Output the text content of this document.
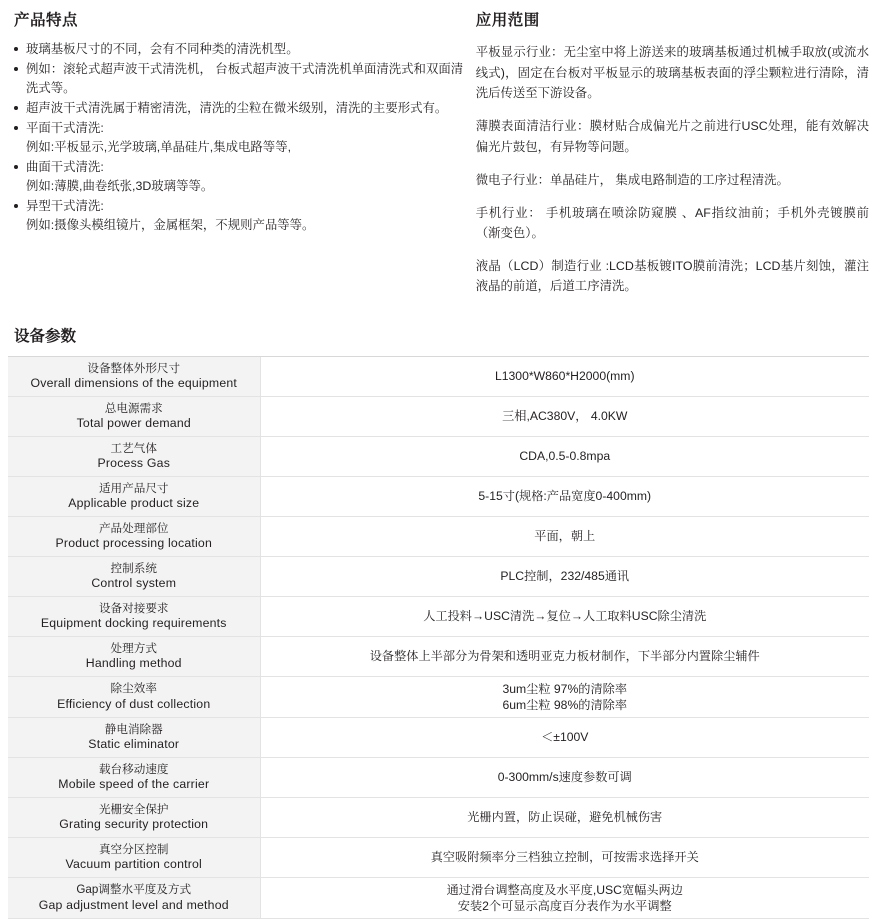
产品特点
玻璃基板尺寸的不同，会有不同种类的清洗机型。
例如：滚轮式超声波干式清洗机， 台板式超声波干式清洗机单面清洗式和双面清洗式等。
超声波干式清洗属于精密清洗，清洗的尘粒在微米级别，清洗的主要形式有。
平面干式清洗:
例如:平板显示,光学玻璃,单晶硅片,集成电路等等,
曲面干式清洗:
例如:薄膜,曲卷纸张,3D玻璃等等。
异型干式清洗:
例如:摄像头模组镜片，金属框架，不规则产品等等。
应用范围

平板显示行业：无尘室中将上游送来的玻璃基板通过机械手取放(或流水线式)，固定在台板对平板显示的玻璃基板表面的浮尘颗粒进行清除，清洗后传送至下游设备。

薄膜表面清洁行业：膜材贴合成偏光片之前进行USC处理，能有效解决偏光片鼓包，有异物等问题。

微电子行业：单晶硅片， 集成电路制造的工序过程清洗。

手机行业： 手机玻璃在喷涂防窥膜 、AF指纹油前；手机外壳镀膜前（渐变色）。

液晶（LCD）制造行业 :LCD基板镀ITO膜前清洗；LCD基片刻蚀，灌注液晶的前道，后道工序清洗。

设备参数
设备整体外形尺寸
Overall dimensions of the equipment	L1300*W860*H2000(mm)

总电源需求
Total power demand	三相,AC380V， 4.0KW

工艺气体
Process Gas	CDA,0.5-0.8mpa

适用产品尺寸
Applicable product size	5-15寸(规格:产品宽度0-400mm)

产品处理部位
Product processing location	平面，朝上

控制系统
Control system	PLC控制，232/485通讯

设备对接要求
Equipment docking requirements	人工投料→USC清洗→复位→人工取料USC除尘清洗

处理方式
Handling method	设备整体上半部分为骨架和透明亚克力板材制作，下半部分内置除尘辅件

除尘效率
Efficiency of dust collection	3um尘粒 97%的清除率
6um尘粒 98%的清除率

静电消除器
Static eliminator	＜±100V

载台移动速度
Mobile speed of the carrier	0-300mm/s速度参数可调

光栅安全保护
Grating security protection	光栅内置，防止误碰，避免机械伤害

真空分区控制
Vacuum partition control	真空吸附频率分三档独立控制，可按需求选择开关

Gap调整水平度及方式
Gap adjustment level and method	通过滑台调整高度及水平度,USC宽幅头两边
安装2个可显示高度百分表作为水平调整
